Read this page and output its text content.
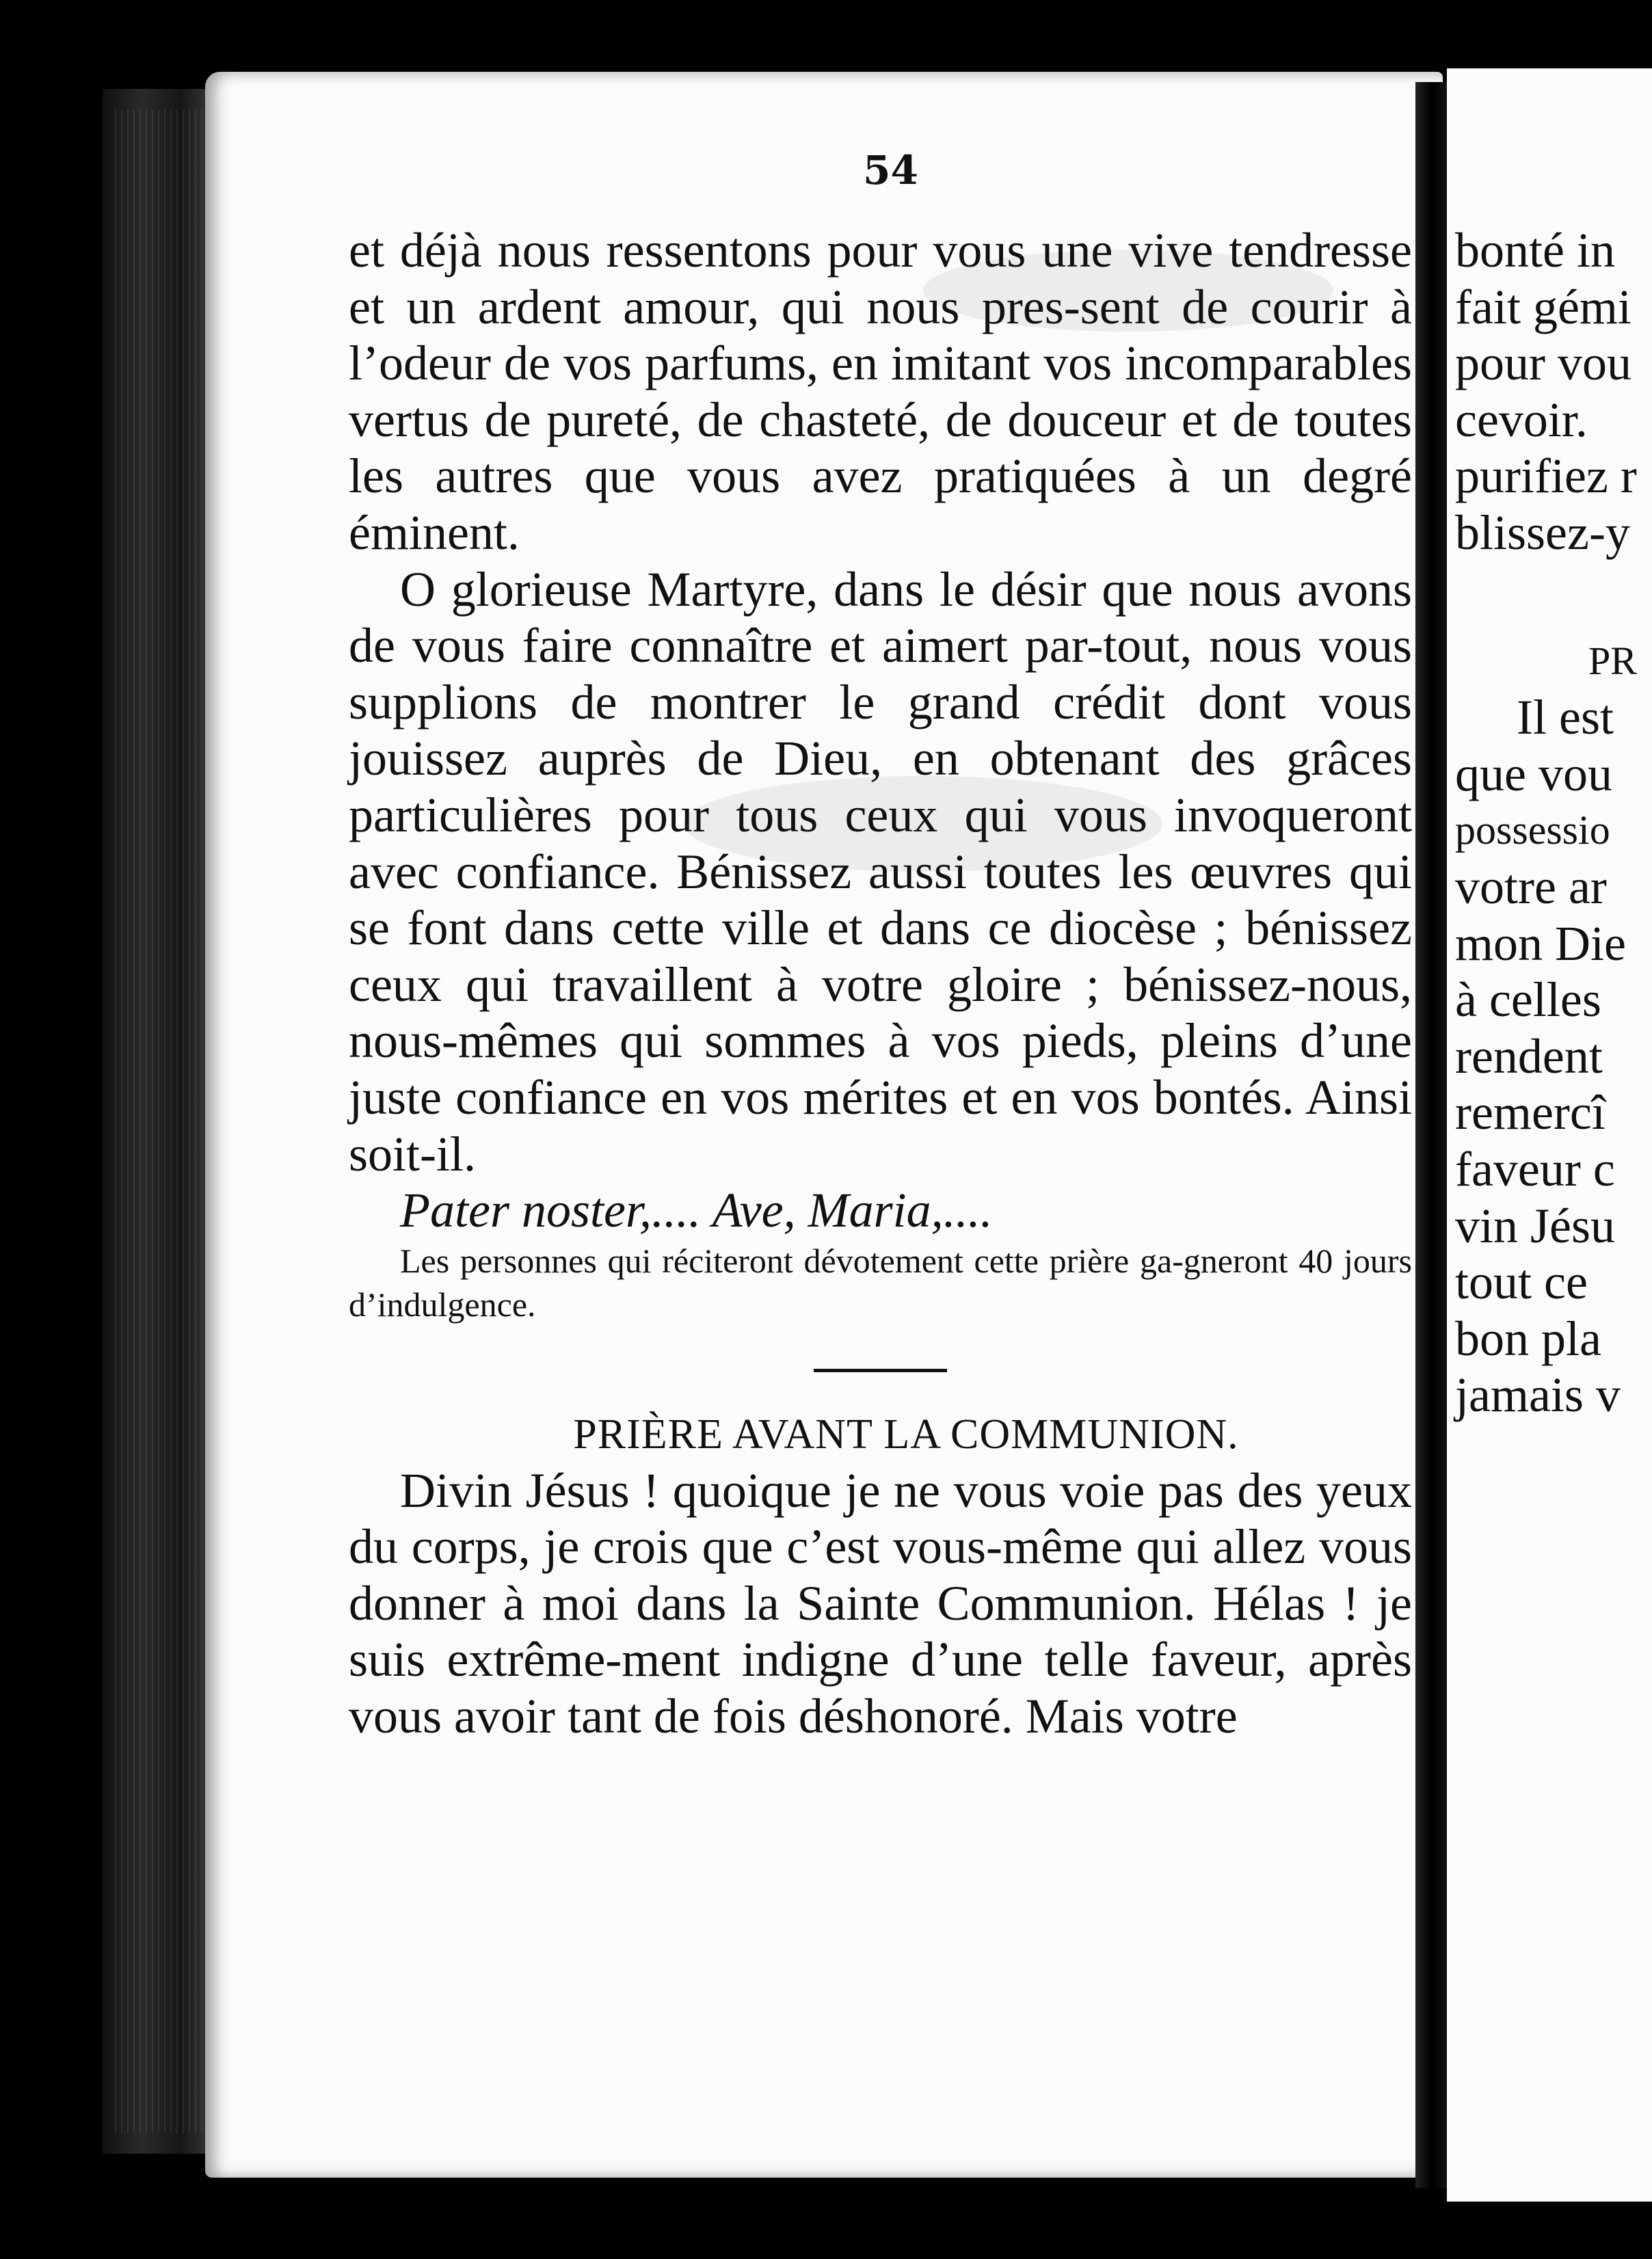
54

et déjà nous ressentons pour vous une vive tendresse et un ardent amour, qui nous pres-sent de courir à l’odeur de vos parfums, en imitant vos incomparables vertus de pureté, de chasteté, de douceur et de toutes les autres que vous avez pratiquées à un degré éminent.

O glorieuse Martyre, dans le désir que nous avons de vous faire connaître et aimert par-tout, nous vous supplions de montrer le grand crédit dont vous jouissez auprès de Dieu, en obtenant des grâces particulières pour tous ceux qui vous invoqueront avec confiance. Bénissez aussi toutes les œuvres qui se font dans cette ville et dans ce diocèse ; bénissez ceux qui travaillent à votre gloire ; bénissez-nous, nous-mêmes qui sommes à vos pieds, pleins d’une juste confiance en vos mérites et en vos bontés. Ainsi soit-il.

Pater noster,.... Ave, Maria,....

Les personnes qui réciteront dévotement cette prière ga-gneront 40 jours d’indulgence.

PRIÈRE AVANT LA COMMUNION.

Divin Jésus ! quoique je ne vous voie pas des yeux du corps, je crois que c’est vous-même qui allez vous donner à moi dans la Sainte Communion. Hélas ! je suis extrême-ment indigne d’une telle faveur, après vous avoir tant de fois déshonoré. Mais votre

bonté in
fait gémi
pour vou
cevoir.
purifiez r
blissez-y
PR
Il est
que vou
possessio
votre ar
mon Die
à celles
rendent
remercî
faveur c
vin Jésu
tout ce
bon pla
jamais v
